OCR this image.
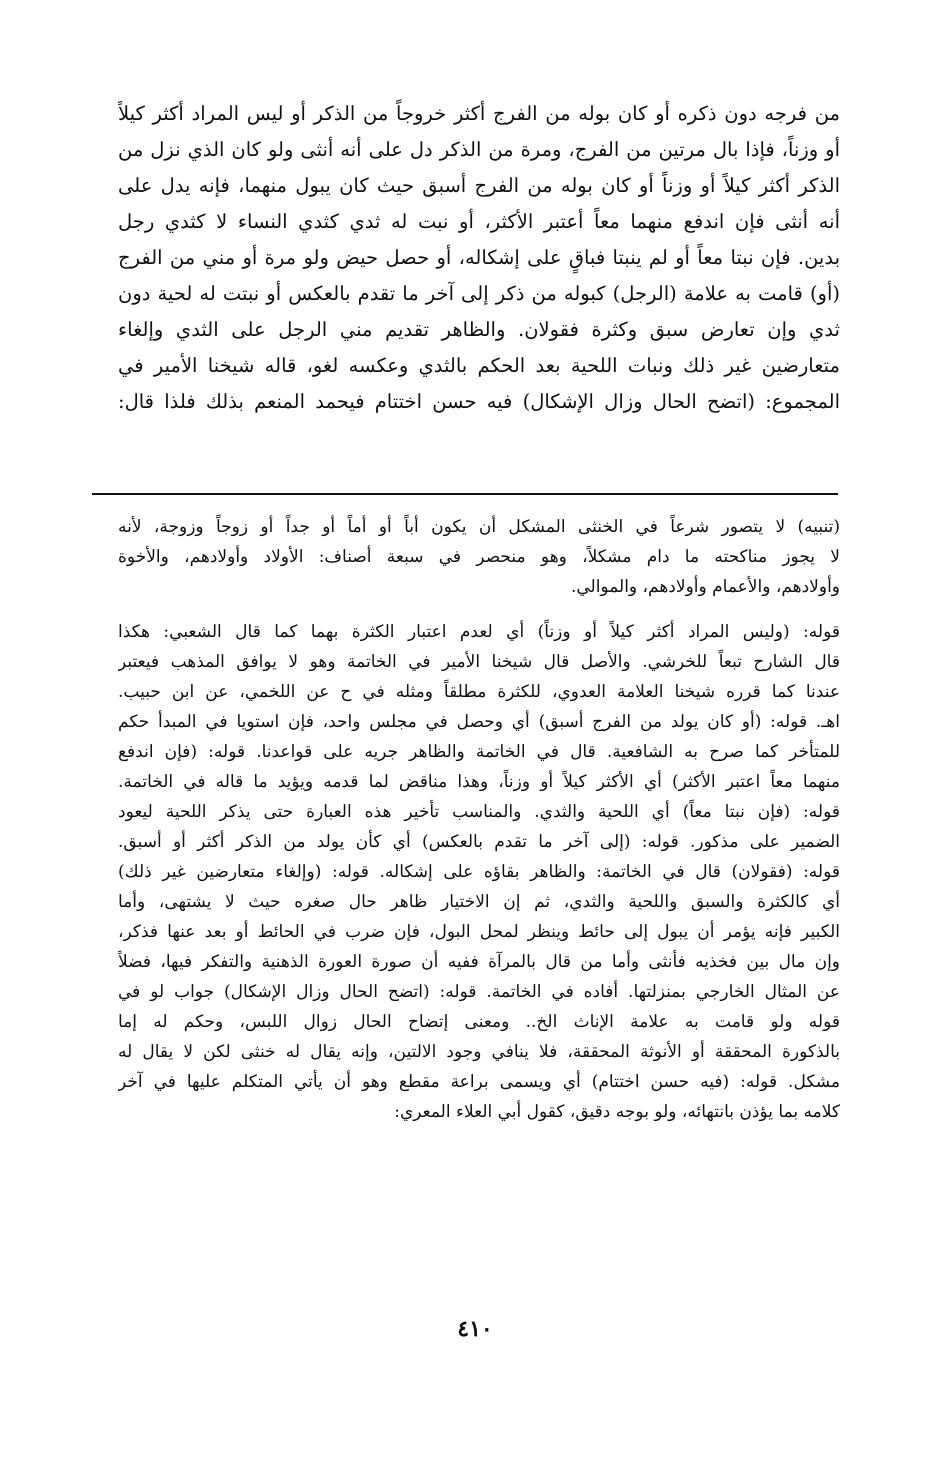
من فرجه دون ذكره أو كان بوله من الفرج أكثر خروجاً من الذكر أو ليس المراد أكثر كيلاً
أو وزناً، فإذا بال مرتين من الفرج، ومرة من الذكر دل على أنه أنثى ولو كان الذي نزل من
الذكر أكثر كيلاً أو وزناً أو كان بوله من الفرج أسبق حيث كان يبول منهما، فإنه يدل على
أنه أنثى فإن اندفع منهما معاً أعتبر الأكثر، أو نبت له ثدي كثدي النساء لا كثدي رجل
بدين. فإن نبتا معاً أو لم ينبتا فباقٍ على إشكاله، أو حصل حيض ولو مرة أو مني من الفرج
(أو) قامت به علامة (الرجل) كبوله من ذكر إلى آخر ما تقدم بالعكس أو نبتت له لحية دون
ثدي وإن تعارض سبق وكثرة فقولان. والظاهر تقديم مني الرجل على الثدي وإلغاء
متعارضين غير ذلك ونبات اللحية بعد الحكم بالثدي وعكسه لغو، قاله شيخنا الأمير في
المجموع: (اتضح الحال وزال الإشكال) فيه حسن اختتام فيحمد المنعم بذلك فلذا قال:
(تنبيه) لا يتصور شرعاً في الخنثى المشكل أن يكون أباً أو أماً أو جداً أو زوجاً وزوجة، لأنه
لا يجوز مناكحته ما دام مشكلاً، وهو منحصر في سبعة أصناف: الأولاد وأولادهم، والأخوة
وأولادهم، والأعمام وأولادهم، والموالي.
قوله: (وليس المراد أكثر كيلاً أو وزناً) أي لعدم اعتبار الكثرة بهما كما قال الشعبي: هكذا
قال الشارح تبعاً للخرشي. والأصل قال شيخنا الأمير في الخاتمة وهو لا يوافق المذهب فيعتبر
عندنا كما قرره شيخنا العلامة العدوي، للكثرة مطلقاً ومثله في ح عن اللخمي، عن ابن حبيب.
اهـ. قوله: (أو كان يولد من الفرج أسبق) أي وحصل في مجلس واحد، فإن استويا في المبدأ حكم
للمتأخر كما صرح به الشافعية. قال في الخاتمة والظاهر جريه على قواعدنا. قوله: (فإن اندفع
منهما معاً اعتبر الأكثر) أي الأكثر كيلاً أو وزناً، وهذا مناقض لما قدمه ويؤيد ما قاله في الخاتمة.
قوله: (فإن نبتا معاً) أي اللحية والثدي. والمناسب تأخير هذه العبارة حتى يذكر اللحية ليعود
الضمير على مذكور. قوله: (إلى آخر ما تقدم بالعكس) أي كأن يولد من الذكر أكثر أو أسبق.
قوله: (فقولان) قال في الخاتمة: والظاهر بقاؤه على إشكاله. قوله: (وإلغاء متعارضين غير ذلك)
أي كالكثرة والسبق واللحية والثدي، ثم إن الاختيار ظاهر حال صغره حيث لا يشتهى، وأما
الكبير فإنه يؤمر أن يبول إلى حائط وينظر لمحل البول، فإن ضرب في الحائط أو بعد عنها فذكر،
وإن مال بين فخذيه فأنثى وأما من قال بالمرآة ففيه أن صورة العورة الذهنية والتفكر فيها، فضلاً
عن المثال الخارجي بمنزلتها. أفاده في الخاتمة. قوله: (اتضح الحال وزال الإشكال) جواب لو في
قوله ولو قامت به علامة الإناث الخ.. ومعنى إتضاح الحال زوال اللبس، وحكم له إما
بالذكورة المحققة أو الأنوثة المحققة، فلا ينافي وجود الالتين، وإنه يقال له خنثى لكن لا يقال له
مشكل. قوله: (فيه حسن اختتام) أي ويسمى براعة مقطع وهو أن يأتي المتكلم عليها في آخر
كلامه بما يؤذن بانتهائه، ولو بوجه دقيق، كقول أبي العلاء المعري:
٤١٠
